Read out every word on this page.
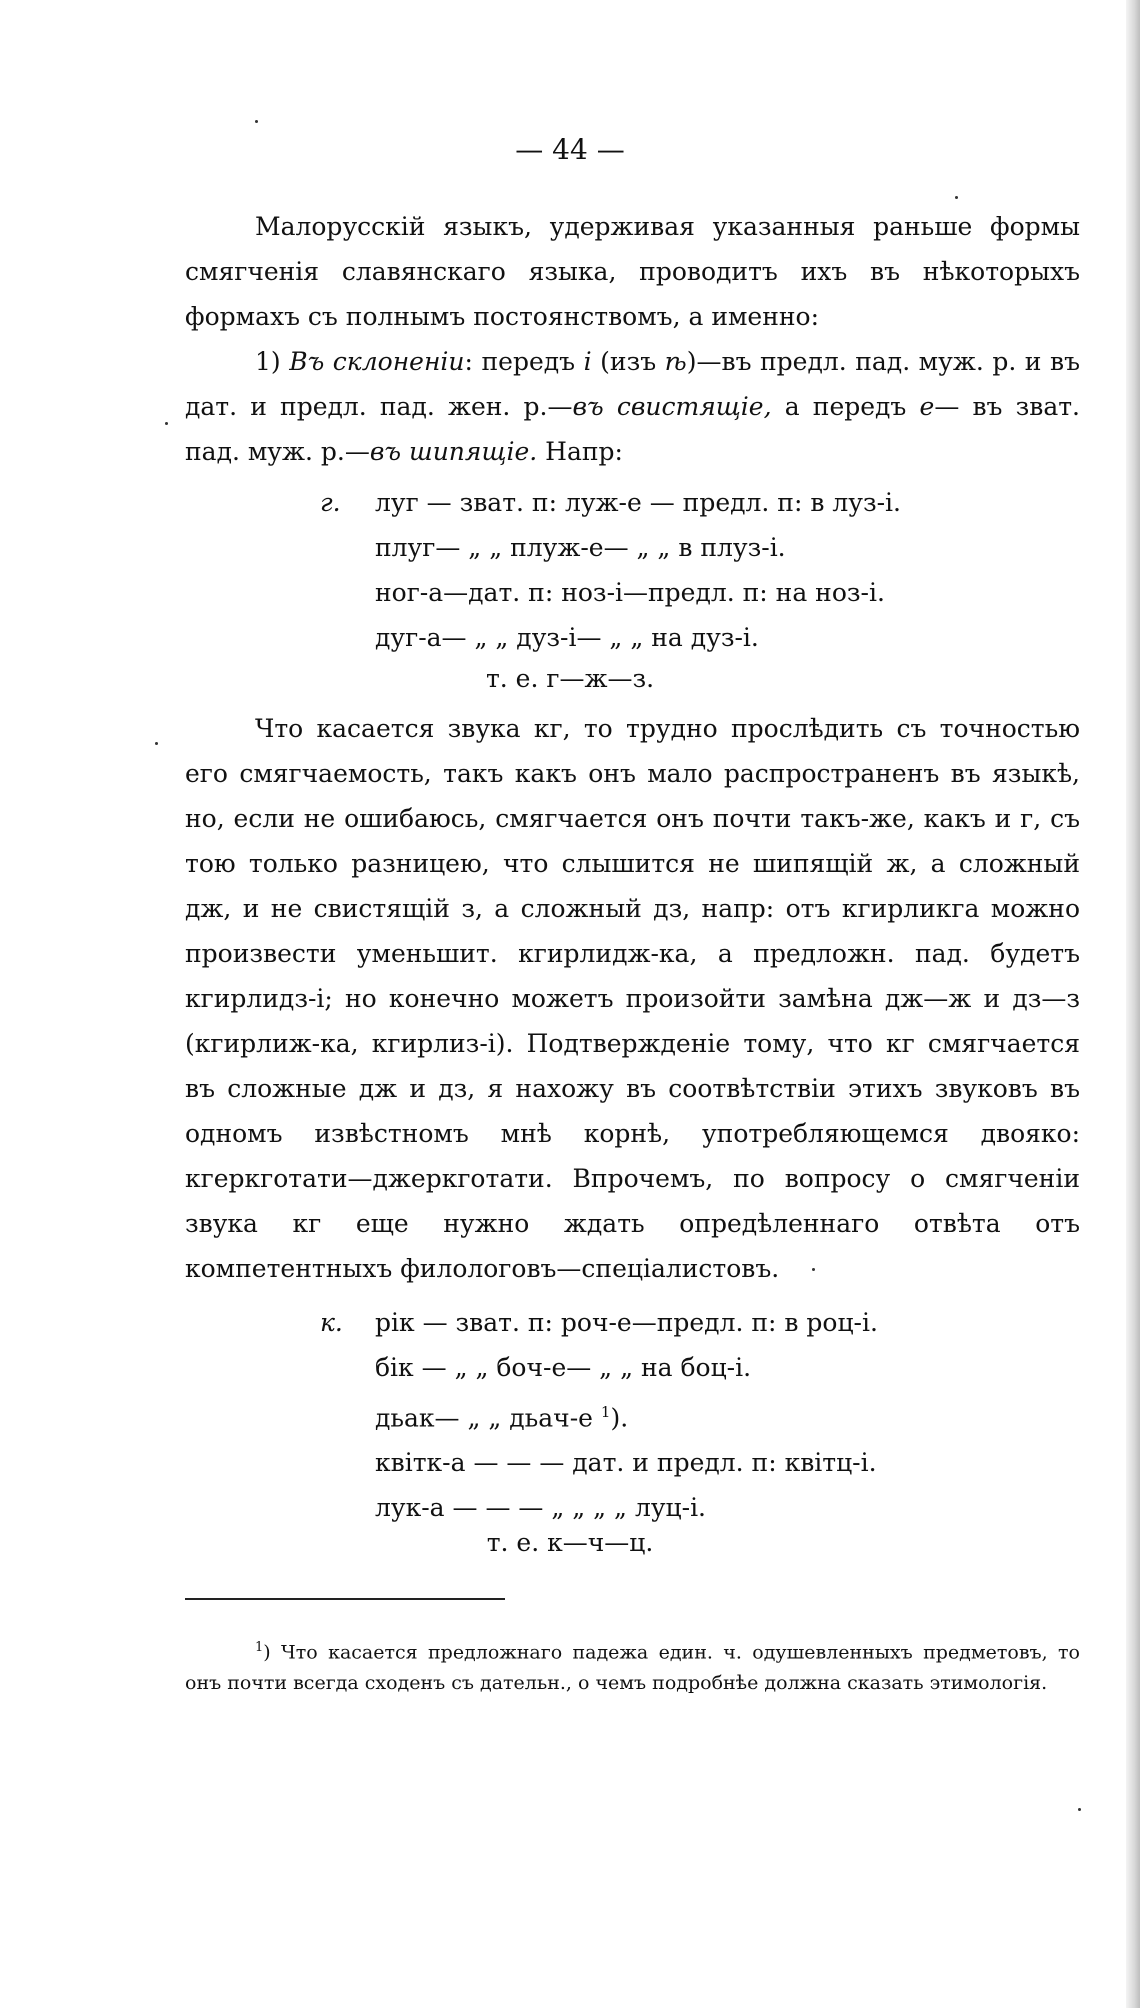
— 44 —
Малорусскій языкъ, удерживая указанныя раньше формы смягченія славянскаго языка, проводитъ ихъ въ нѣкоторыхъ формахъ съ полнымъ постоянствомъ, а именно:
1) Въ склоненіи: передъ і (изъ ѣ)—въ предл. пад. муж. р. и въ дат. и предл. пад. жен. р.—въ свистящіе, а передъ е— въ зват. пад. муж. р.—въ шипящіе. Напр:
г.	луг — зват. п: луж-е — предл. п: в луз-і.
плуг— „ „ плуж-е— „ „ в плуз-і.
ног-а—дат. п: ноз-і—предл. п: на ноз-і.
дуг-а— „ „ дуз-і— „ „ на дуз-і.
т. е. г—ж—з.
Что касается звука кг, то трудно прослѣдить съ точностью его смягчаемость, такъ какъ онъ мало распространенъ въ языкѣ, но, если не ошибаюсь, смягчается онъ почти такъ-же, какъ и г, съ тою только разницею, что слышится не шипящій ж, а сложный дж, и не свистящій з, а сложный дз, напр: отъ кгирликга можно произвести уменьшит. кгирлидж-ка, а предложн. пад. будетъ кгирлидз-і; но конечно можетъ произойти замѣна дж—ж и дз—з (кгирлиж-ка, кгирлиз-і). Подтвержденіе тому, что кг смягчается въ сложные дж и дз, я нахожу въ соотвѣтствіи этихъ звуковъ въ одномъ извѣстномъ мнѣ корнѣ, употребляющемся двояко: кгеркготати—джеркготати. Впрочемъ, по вопросу о смягченіи звука кг еще нужно ждать опредѣленнаго отвѣта отъ компетентныхъ филологовъ—спеціалистовъ.
к.	рік — зват. п: роч-е—предл. п: в роц-і.
бік — „ „ боч-е— „ „ на боц-і.
дьак— „ „ дьач-е $^1$).
квітк-а — — — дат. и предл. п: квітц-і.
лук-а — — — „ „ „ „ луц-і.
т. е. к—ч—ц.
$^1$) Что касается предложнаго падежа един. ч. одушевленныхъ предметовъ, то онъ почти всегда сходенъ съ дательн., о чемъ подробнѣе должна сказать этимологія.
